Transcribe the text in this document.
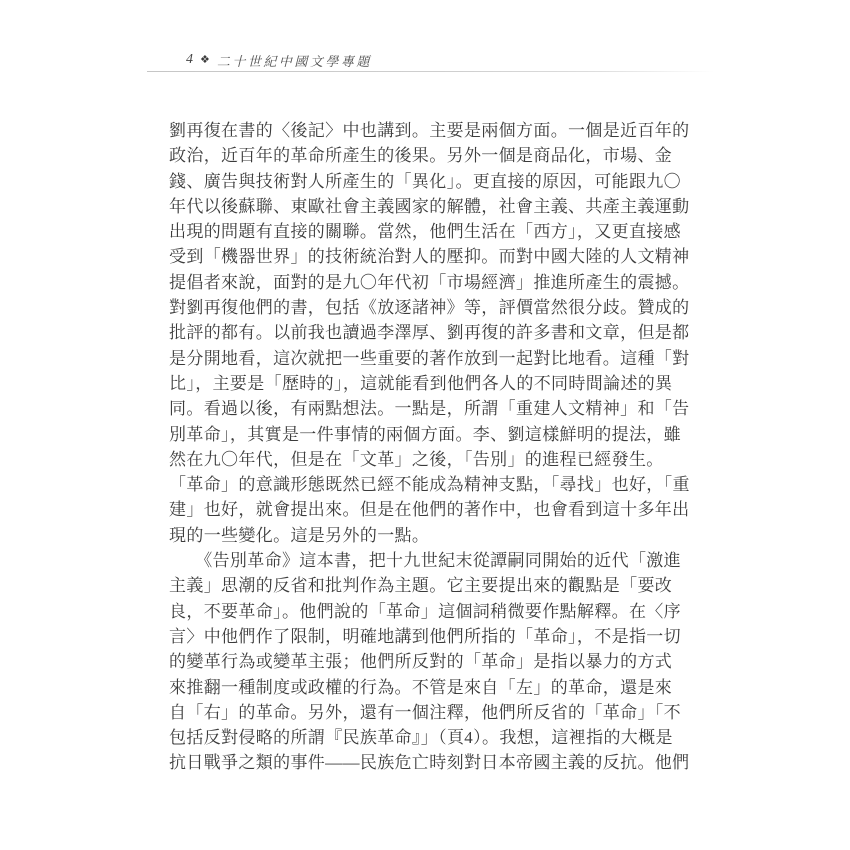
4 ❖ 二十世紀中國文學專題
劉再復在書的〈後記〉中也講到。主要是兩個方面。一個是近百年的
政治，近百年的革命所產生的後果。另外一個是商品化，市場、金
錢、廣告與技術對人所產生的「異化」。更直接的原因，可能跟九〇
年代以後蘇聯、東歐社會主義國家的解體，社會主義、共產主義運動
出現的問題有直接的關聯。當然，他們生活在「西方」，又更直接感
受到「機器世界」的技術統治對人的壓抑。而對中國大陸的人文精神
提倡者來說，面對的是九〇年代初「市場經濟」推進所產生的震撼。
對劉再復他們的書，包括《放逐諸神》等，評價當然很分歧。贊成的
批評的都有。以前我也讀過李澤厚、劉再復的許多書和文章，但是都
是分開地看，這次就把一些重要的著作放到一起對比地看。這種「對
比」，主要是「歷時的」，這就能看到他們各人的不同時間論述的異
同。看過以後，有兩點想法。一點是，所謂「重建人文精神」和「告
別革命」，其實是一件事情的兩個方面。李、劉這樣鮮明的提法，雖
然在九〇年代，但是在「文革」之後，「告別」的進程已經發生。
「革命」的意識形態既然已經不能成為精神支點，「尋找」也好，「重
建」也好，就會提出來。但是在他們的著作中，也會看到這十多年出
現的一些變化。這是另外的一點。
　　《告別革命》這本書，把十九世紀末從譚嗣同開始的近代「激進
主義」思潮的反省和批判作為主題。它主要提出來的觀點是「要改
良，不要革命」。他們說的「革命」這個詞稍微要作點解釋。在〈序
言〉中他們作了限制，明確地講到他們所指的「革命」，不是指一切
的變革行為或變革主張；他們所反對的「革命」是指以暴力的方式
來推翻一種制度或政權的行為。不管是來自「左」的革命，還是來
自「右」的革命。另外，還有一個注釋，他們所反省的「革命」「不
包括反對侵略的所謂『民族革命』」（頁4）。我想，這裡指的大概是
抗日戰爭之類的事件——民族危亡時刻對日本帝國主義的反抗。他們
